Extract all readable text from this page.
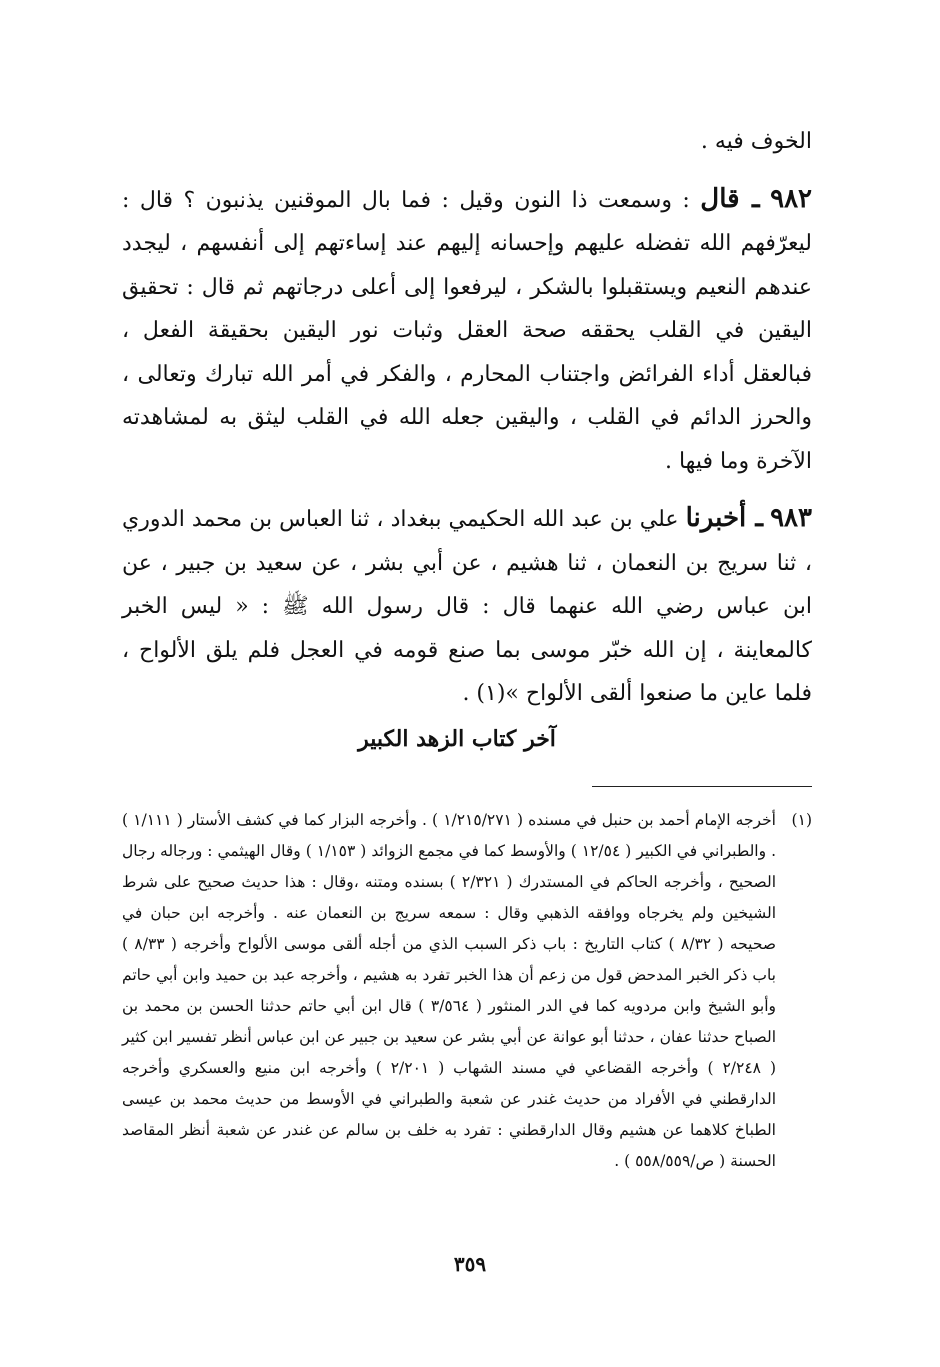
الخوف فيه .

٩٨٢ ـ قال : وسمعت ذا النون وقيل : فما بال الموقنين يذنبون ؟ قال : ليعرّفهم الله تفضله عليهم وإحسانه إليهم عند إساءتهم إلى أنفسهم ، ليجدد عندهم النعيم ويستقبلوا بالشكر ، ليرفعوا إلى أعلى درجاتهم ثم قال : تحقيق اليقين في القلب يحققه صحة العقل وثبات نور اليقين بحقيقة الفعل ، فبالعقل أداء الفرائض واجتناب المحارم ، والفكر في أمر الله تبارك وتعالى ، والحرز الدائم في القلب ، واليقين جعله الله في القلب ليثق به لمشاهدته الآخرة وما فيها .

٩٨٣ ـ أخبرنا علي بن عبد الله الحكيمي ببغداد ، ثنا العباس بن محمد الدوري ، ثنا سريج بن النعمان ، ثنا هشيم ، عن أبي بشر ، عن سعيد بن جبير ، عن ابن عباس رضي الله عنهما قال : قال رسول الله ﷺ : « ليس الخبر كالمعاينة ، إن الله خبّر موسى بما صنع قومه في العجل فلم يلق الألواح ، فلما عاين ما صنعوا ألقى الألواح »(١) .

آخر كتاب الزهد الكبير

(١)
أخرجه الإمام أحمد بن حنبل في مسنده ( ١/٢١٥/٢٧١ ) . وأخرجه البزار كما في كشف الأستار ( ١/١١١ ) . والطبراني في الكبير ( ١٢/٥٤ ) والأوسط كما في مجمع الزوائد ( ١/١٥٣ ) وقال الهيثمي : ورجاله رجال الصحيح ، وأخرجه الحاكم في المستدرك ( ٢/٣٢١ ) بسنده ومتنه ،وقال : هذا حديث صحيح على شرط الشيخين ولم يخرجاه ووافقه الذهبي وقال : سمعه سريج بن النعمان عنه . وأخرجه ابن حبان في صحيحه ( ٨/٣٢ ) كتاب التاريخ : باب ذكر السبب الذي من أجله ألقى موسى الألواح وأخرجه ( ٨/٣٣ ) باب ذكر الخبر المدحض قول من زعم أن هذا الخبر تفرد به هشيم ، وأخرجه عبد بن حميد وابن أبي حاتم وأبو الشيخ وابن مردويه كما في الدر المنثور ( ٣/٥٦٤ ) قال ابن أبي حاتم حدثنا الحسن بن محمد بن الصباح حدثنا عفان ، حدثنا أبو عوانة عن أبي بشر عن سعيد بن جبير عن ابن عباس أنظر تفسير ابن كثير ( ٢/٢٤٨ ) وأخرجه القضاعي في مسند الشهاب ( ٢/٢٠١ ) وأخرجه ابن منيع والعسكري وأخرجه الدارقطني في الأفراد من حديث غندر عن شعبة والطبراني في الأوسط من حديث محمد بن عيسى الطباخ كلاهما عن هشيم وقال الدارقطني : تفرد به خلف بن سالم عن غندر عن شعبة أنظر المقاصد الحسنة ( ص/٥٥٨/٥٥٩ ) .

٣٥٩
